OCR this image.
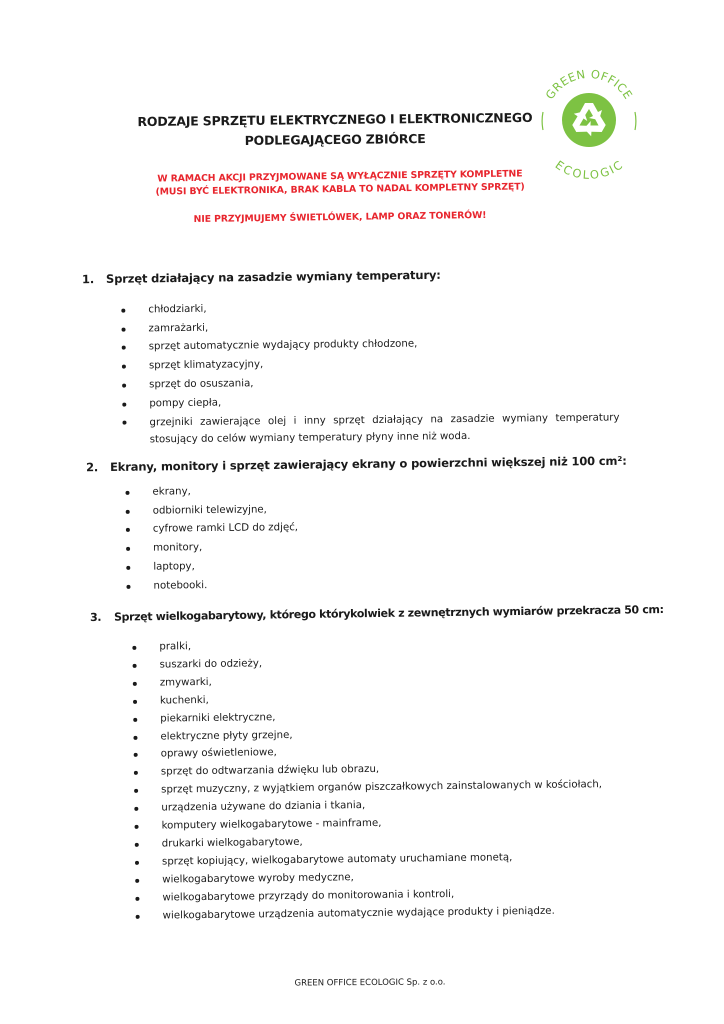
GREEN OFFICE
ECOLOGIC
RODZAJE SPRZĘTU ELEKTRYCZNEGO I ELEKTRONICZNEGO
PODLEGAJĄCEGO ZBIÓRCE
W RAMACH AKCJI PRZYJMOWANE SĄ WYŁĄCZNIE SPRZĘTY KOMPLETNE
(MUSI BYĆ ELEKTRONIKA, BRAK KABLA TO NADAL KOMPLETNY SPRZĘT)
NIE PRZYJMUJEMY ŚWIETLÓWEK, LAMP ORAZ TONERÓW!
1. Sprzęt działający na zasadzie wymiany temperatury:
chłodziarki,
zamrażarki,
sprzęt automatycznie wydający produkty chłodzone,
sprzęt klimatyzacyjny,
sprzęt do osuszania,
pompy ciepła,
grzejniki zawierające olej i inny sprzęt działający na zasadzie wymiany temperatury stosujący do celów wymiany temperatury płyny inne niż woda.
2. Ekrany, monitory i sprzęt zawierający ekrany o powierzchni większej niż 100 cm²:
ekrany,
odbiorniki telewizyjne,
cyfrowe ramki LCD do zdjęć,
monitory,
laptopy,
notebooki.
3. Sprzęt wielkogabarytowy, którego którykolwiek z zewnętrznych wymiarów przekracza 50 cm:
pralki,
suszarki do odzieży,
zmywarki,
kuchenki,
piekarniki elektryczne,
elektryczne płyty grzejne,
oprawy oświetleniowe,
sprzęt do odtwarzania dźwięku lub obrazu,
sprzęt muzyczny, z wyjątkiem organów piszczałkowych zainstalowanych w kościołach,
urządzenia używane do dziania i tkania,
komputery wielkogabarytowe - mainframe,
drukarki wielkogabarytowe,
sprzęt kopiujący, wielkogabarytowe automaty uruchamiane monetą,
wielkogabarytowe wyroby medyczne,
wielkogabarytowe przyrządy do monitorowania i kontroli,
wielkogabarytowe urządzenia automatycznie wydające produkty i pieniądze.
GREEN OFFICE ECOLOGIC Sp. z o.o.
